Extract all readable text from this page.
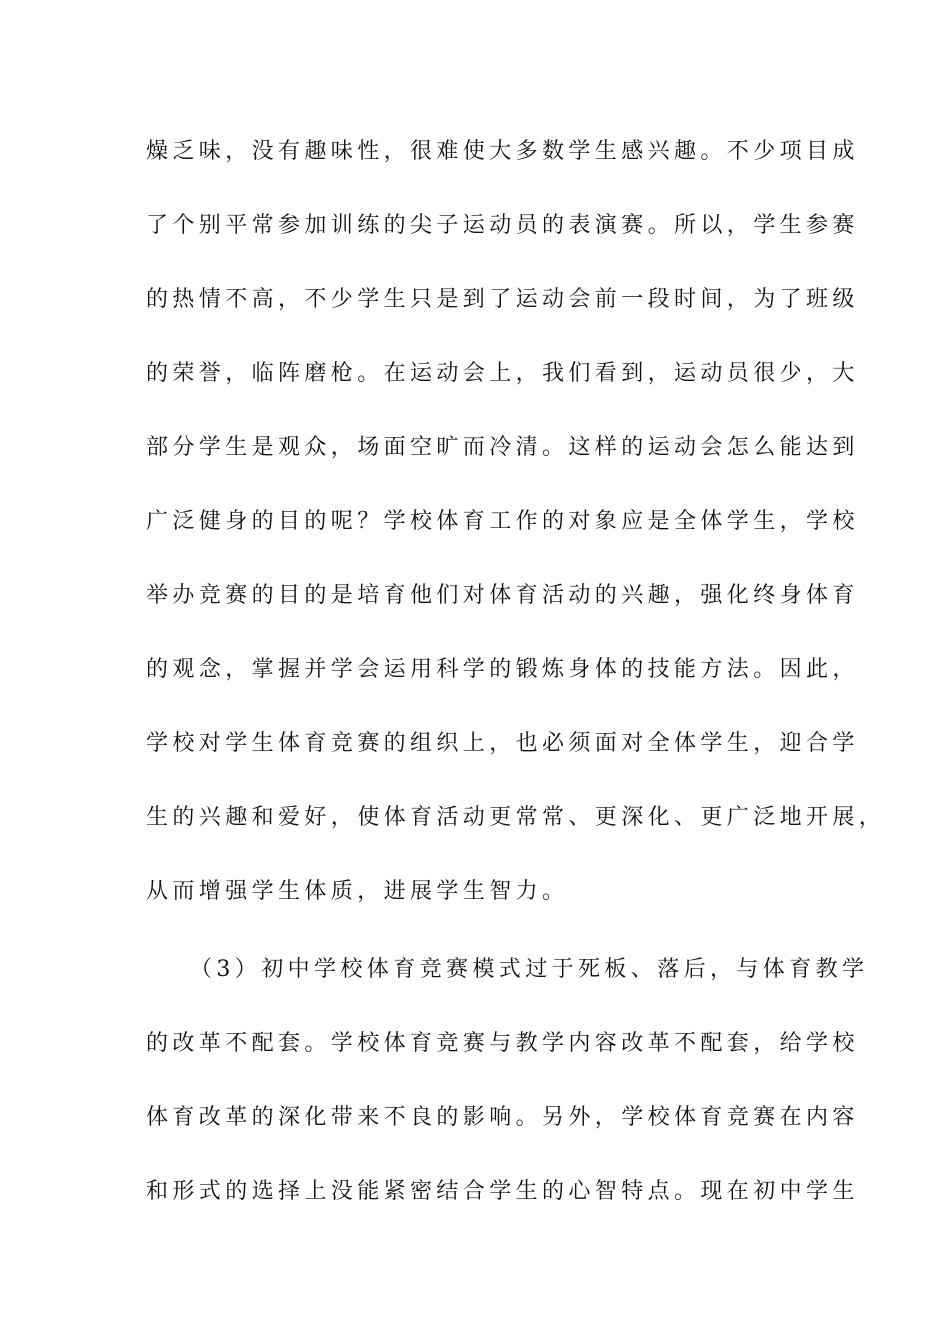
燥乏味，没有趣味性，很难使大多数学生感兴趣。不少项目成
了个别平常参加训练的尖子运动员的表演赛。所以，学生参赛
的热情不高，不少学生只是到了运动会前一段时间，为了班级
的荣誉，临阵磨枪。在运动会上，我们看到，运动员很少，大
部分学生是观众，场面空旷而冷清。这样的运动会怎么能达到
广泛健身的目的呢？学校体育工作的对象应是全体学生，学校
举办竞赛的目的是培育他们对体育活动的兴趣，强化终身体育
的观念，掌握并学会运用科学的锻炼身体的技能方法。因此，
学校对学生体育竞赛的组织上，也必须面对全体学生，迎合学
生的兴趣和爱好，使体育活动更常常、更深化、更广泛地开展，
从而增强学生体质，进展学生智力。
（3）初中学校体育竞赛模式过于死板、落后，与体育教学
的改革不配套。学校体育竞赛与教学内容改革不配套，给学校
体育改革的深化带来不良的影响。另外，学校体育竞赛在内容
和形式的选择上没能紧密结合学生的心智特点。现在初中学生
